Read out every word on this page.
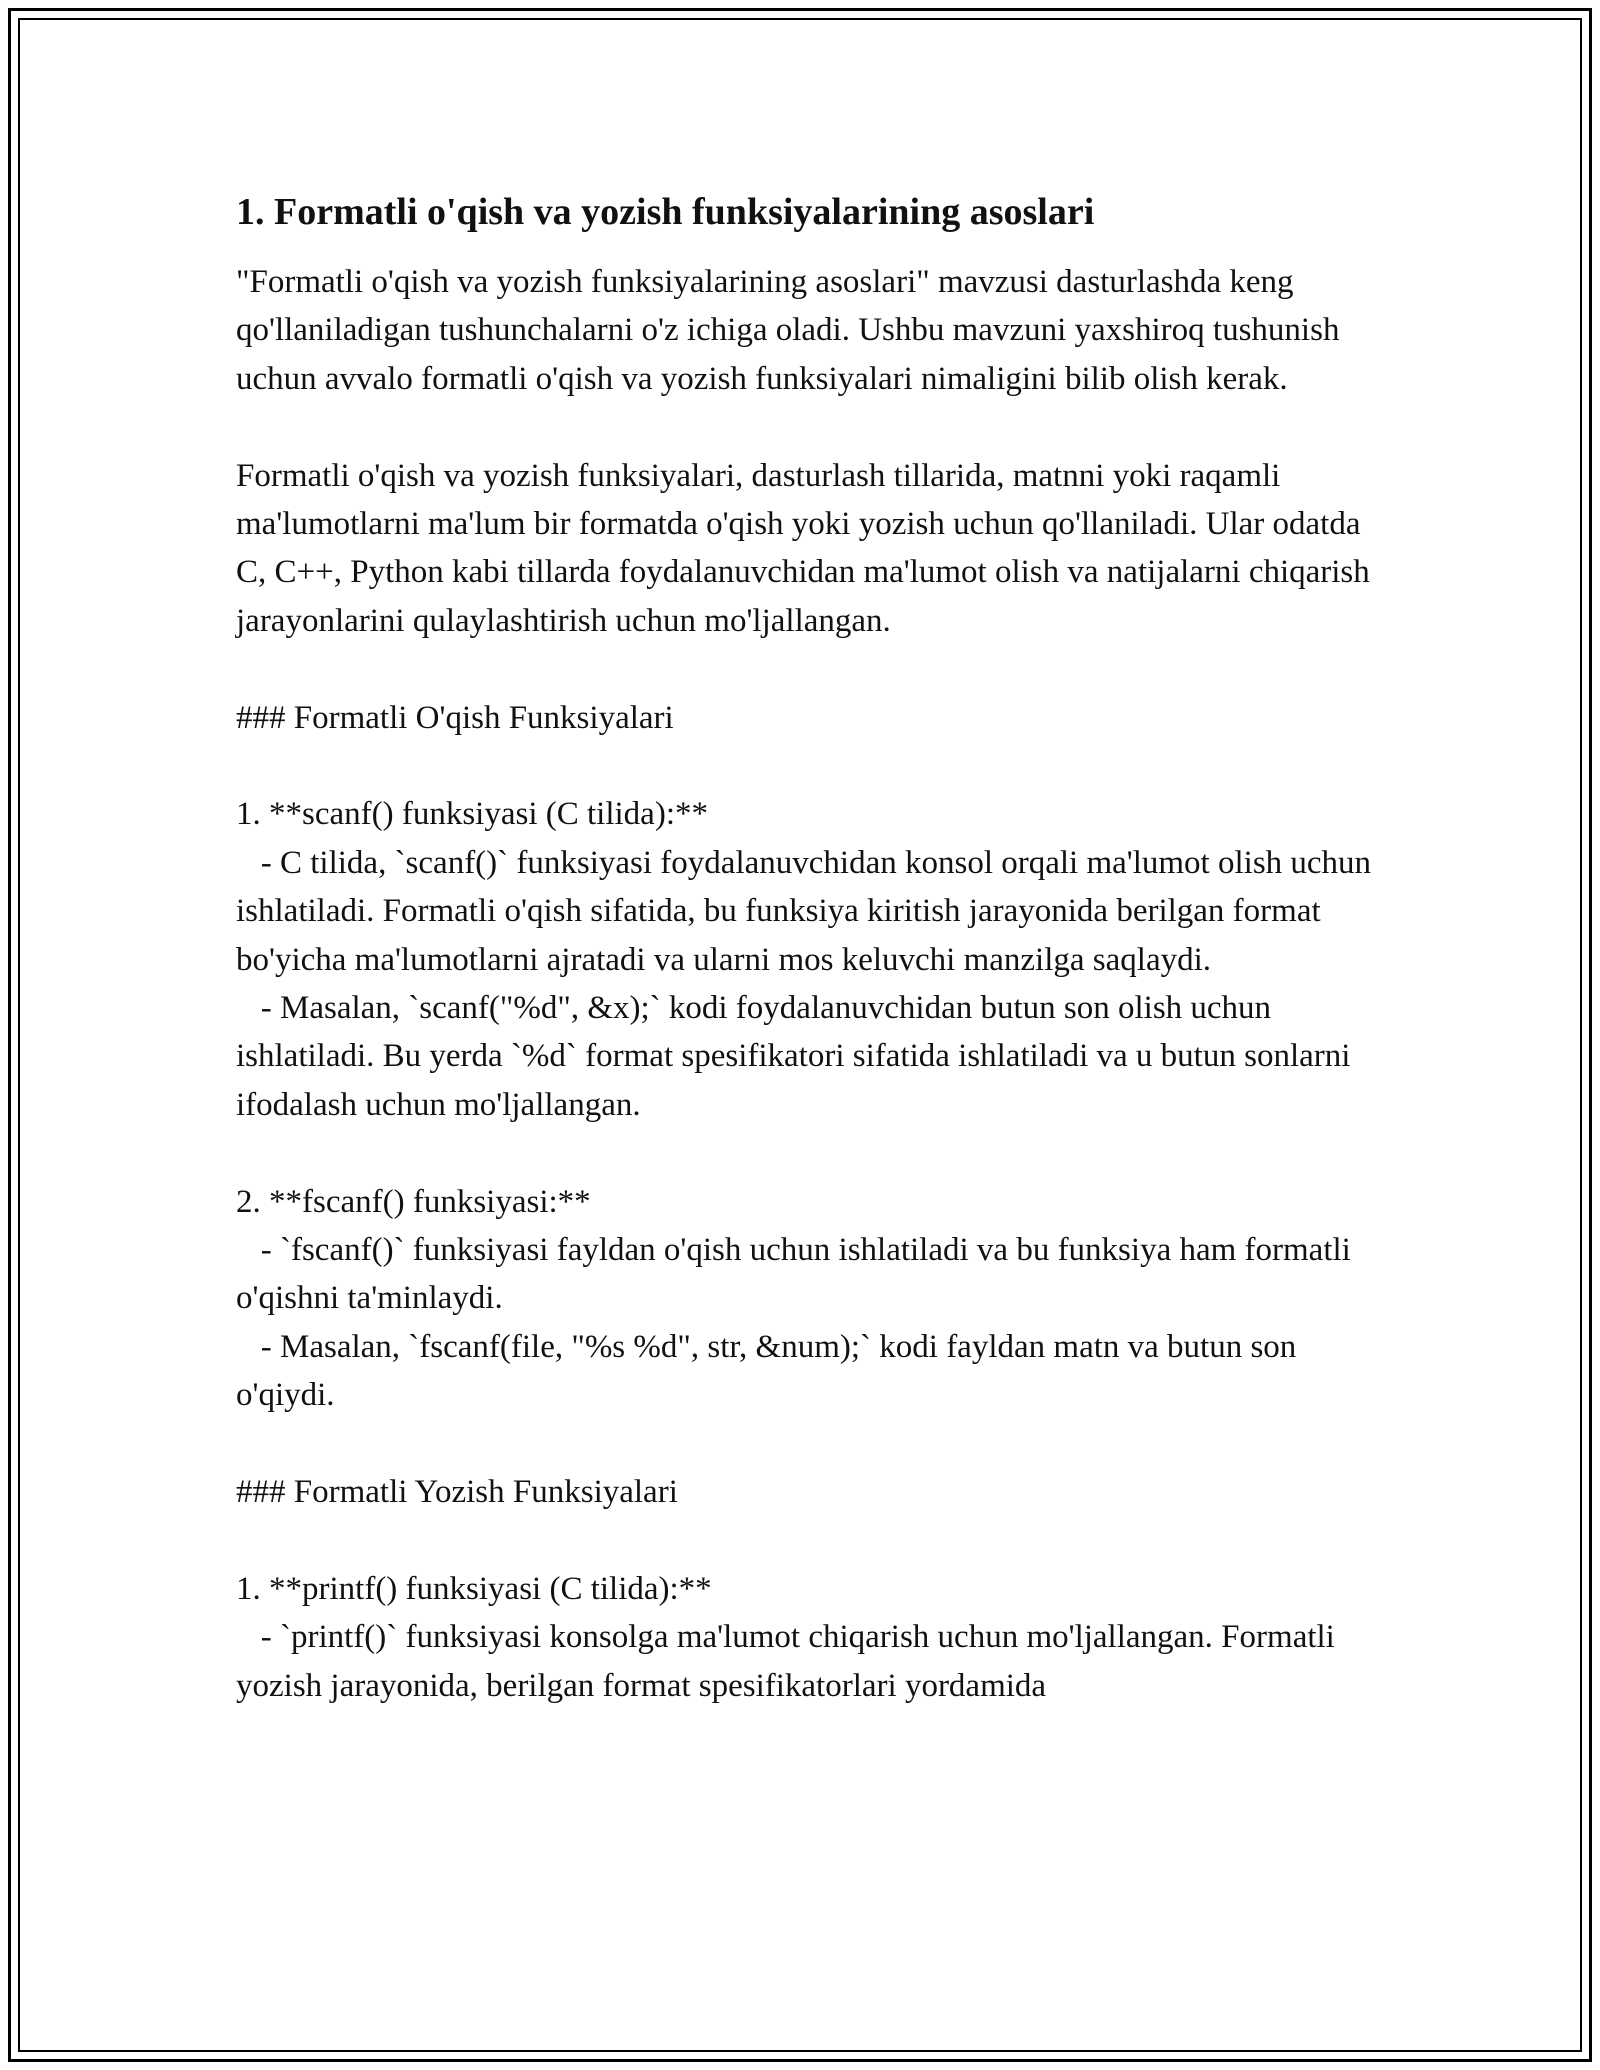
1. Formatli o'qish va yozish funksiyalarining asoslari

"Formatli o'qish va yozish funksiyalarining asoslari" mavzusi dasturlashda keng qo'llaniladigan tushunchalarni o'z ichiga oladi. Ushbu mavzuni yaxshiroq tushunish uchun avvalo formatli o'qish va yozish funksiyalari nimaligini bilib olish kerak.

Formatli o'qish va yozish funksiyalari, dasturlash tillarida, matnni yoki raqamli ma'lumotlarni ma'lum bir formatda o'qish yoki yozish uchun qo'llaniladi. Ular odatda C, C++, Python kabi tillarda foydalanuvchidan ma'lumot olish va natijalarni chiqarish jarayonlarini qulaylashtirish uchun mo'ljallangan.

### Formatli O'qish Funksiyalari

1. **scanf() funksiyasi (C tilida):**

- C tilida, `scanf()` funksiyasi foydalanuvchidan konsol orqali ma'lumot olish uchun ishlatiladi. Formatli o'qish sifatida, bu funksiya kiritish jarayonida berilgan format bo'yicha ma'lumotlarni ajratadi va ularni mos keluvchi manzilga saqlaydi.

- Masalan, `scanf("%d", &x);` kodi foydalanuvchidan butun son olish uchun ishlatiladi. Bu yerda `%d` format spesifikatori sifatida ishlatiladi va u butun sonlarni ifodalash uchun mo'ljallangan.

2. **fscanf() funksiyasi:**

- `fscanf()` funksiyasi fayldan o'qish uchun ishlatiladi va bu funksiya ham formatli o'qishni ta'minlaydi.

- Masalan, `fscanf(file, "%s %d", str, &num);` kodi fayldan matn va butun son o'qiydi.

### Formatli Yozish Funksiyalari

1. **printf() funksiyasi (C tilida):**

- `printf()` funksiyasi konsolga ma'lumot chiqarish uchun mo'ljallangan. Formatli yozish jarayonida, berilgan format spesifikatorlari yordamida
